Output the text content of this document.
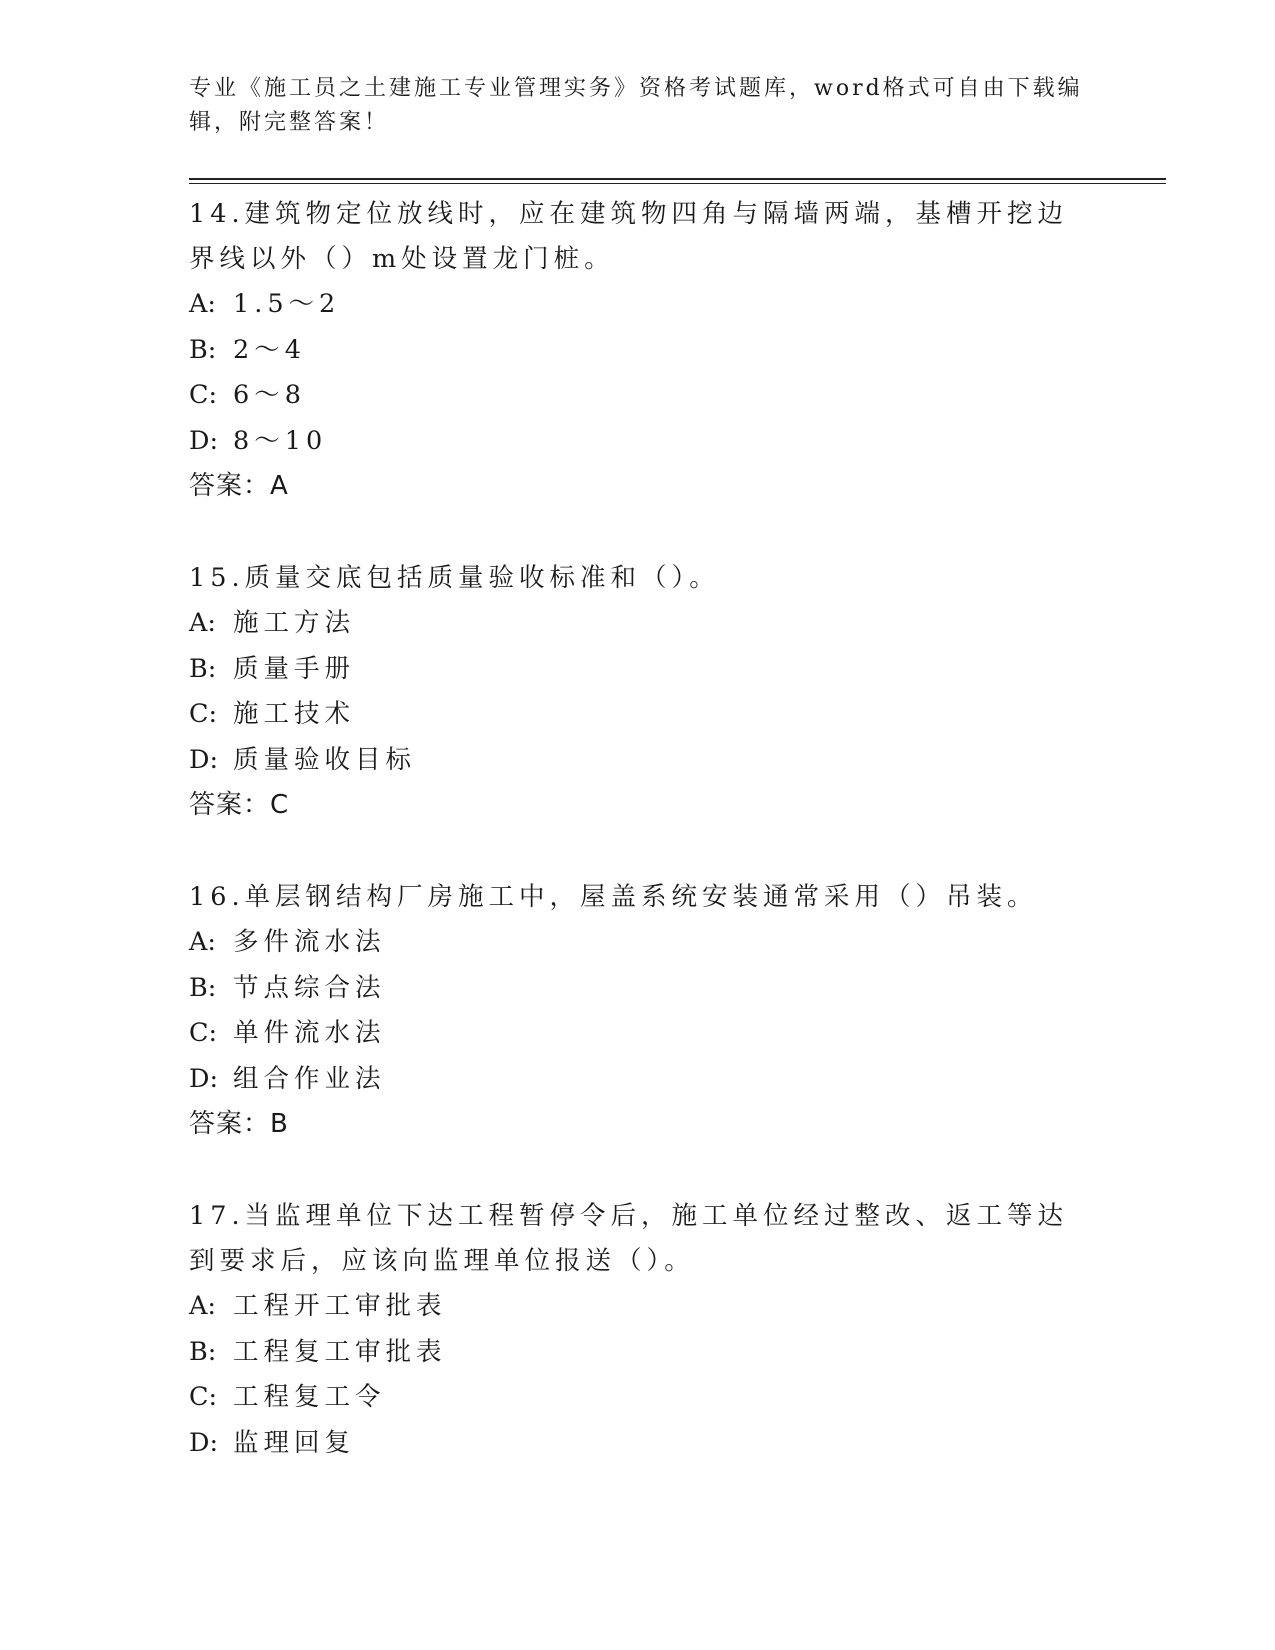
专业《施工员之土建施工专业管理实务》资格考试题库，word格式可自由下载编
辑，附完整答案！
14.建筑物定位放线时，应在建筑物四角与隔墙两端，基槽开挖边界线以外（）m处设置龙门桩。
A: 1.5～2
B: 2～4
C: 6～8
D: 8～10
答案：A
15.质量交底包括质量验收标准和（）。
A: 施工方法
B: 质量手册
C: 施工技术
D: 质量验收目标
答案：C
16.单层钢结构厂房施工中，屋盖系统安装通常采用（）吊装。
A: 多件流水法
B: 节点综合法
C: 单件流水法
D: 组合作业法
答案：B
17.当监理单位下达工程暂停令后，施工单位经过整改、返工等达到要求后，应该向监理单位报送（）。
A: 工程开工审批表
B: 工程复工审批表
C: 工程复工令
D: 监理回复
